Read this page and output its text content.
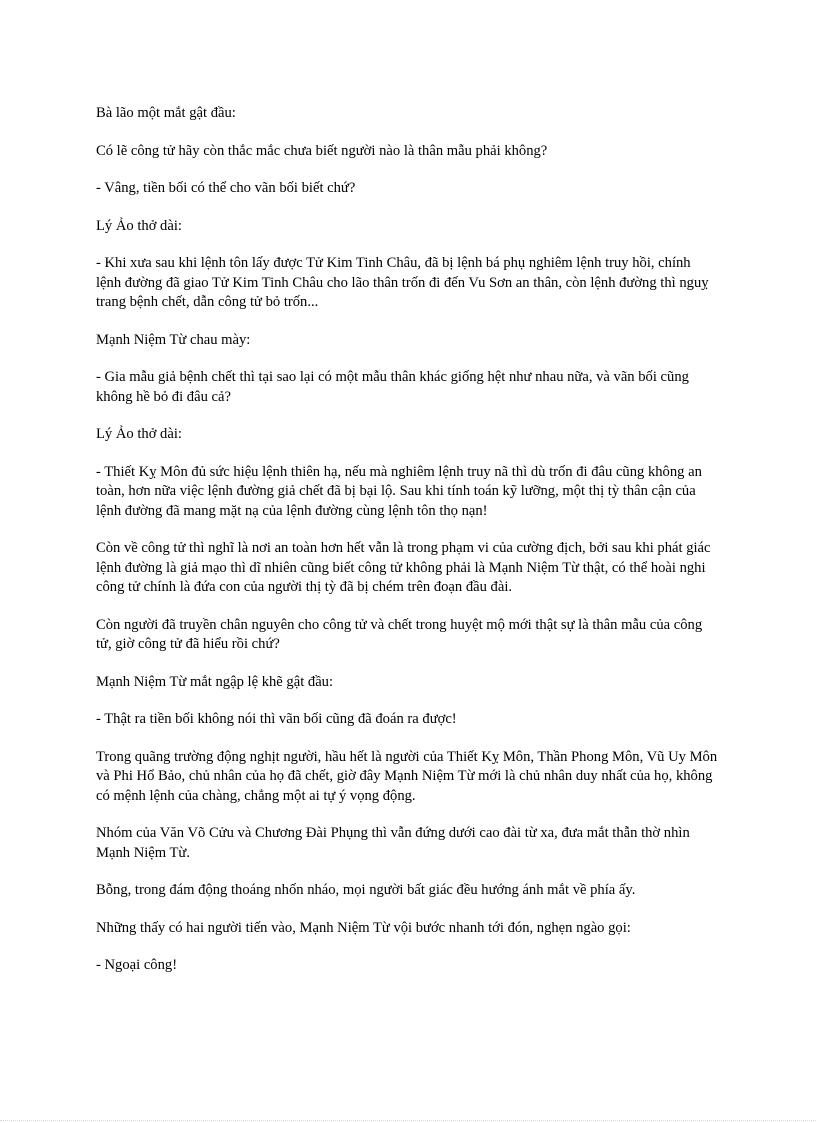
Bà lão một mắt gật đầu:

Có lẽ công tử hãy còn thắc mắc chưa biết người nào là thân mẫu phải không?

- Vâng, tiền bối có thể cho vãn bối biết chứ?

Lý Ảo thở dài:

- Khi xưa sau khi lệnh tôn lấy được Tử Kim Tinh Châu, đã bị lệnh bá phụ nghiêm lệnh truy hồi, chính lệnh đường đã giao Tử Kim Tinh Châu cho lão thân trốn đi đến Vu Sơn an thân, còn lệnh đường thì nguỵ trang bệnh chết, dẫn công tử bỏ trốn...

Mạnh Niệm Từ chau mày:

- Gia mẫu giả bệnh chết thì tại sao lại có một mẫu thân khác giống hệt như nhau nữa, và vãn bối cũng không hề bỏ đi đâu cả?

Lý Ảo thở dài:

- Thiết Kỵ Môn đủ sức hiệu lệnh thiên hạ, nếu mà nghiêm lệnh truy nã thì dù trốn đi đâu cũng không an toàn, hơn nữa việc lệnh đường giả chết đã bị bại lộ. Sau khi tính toán kỹ lưỡng, một thị tỳ thân cận của lệnh đường đã mang mặt nạ của lệnh đường cùng lệnh tôn thọ nạn!

Còn về công tử thì nghĩ là nơi an toàn hơn hết vẫn là trong phạm vi của cường địch, bởi sau khi phát giác lệnh đường là giả mạo thì dĩ nhiên cũng biết công tử không phải là Mạnh Niệm Từ thật, có thể hoài nghi công tử chính là đứa con của người thị tỳ đã bị chém trên đoạn đầu đài.

Còn người đã truyền chân nguyên cho công tử và chết trong huyệt mộ mới thật sự là thân mẫu của công tử, giờ công tử đã hiểu rồi chứ?

Mạnh Niệm Từ mắt ngập lệ khẽ gật đầu:

- Thật ra tiền bối không nói thì vãn bối cũng đã đoán ra được!

Trong quãng trường động nghịt người, hầu hết là người của Thiết Kỵ Môn, Thần Phong Môn, Vũ Uy Môn và Phi Hổ Bảo, chủ nhân của họ đã chết, giờ đây Mạnh Niệm Từ mới là chủ nhân duy nhất của họ, không có mệnh lệnh của chàng, chẳng một ai tự ý vọng động.

Nhóm của Văn Võ Cửu và Chương Đài Phụng thì vẫn đứng dưới cao đài từ xa, đưa mắt thẫn thờ nhìn Mạnh Niệm Từ.

Bỗng, trong đám động thoáng nhốn nháo, mọi người bất giác đều hướng ánh mắt về phía ấy.

Những thấy có hai người tiến vào, Mạnh Niệm Từ vội bước nhanh tới đón, nghẹn ngào gọi:

- Ngoại công!
